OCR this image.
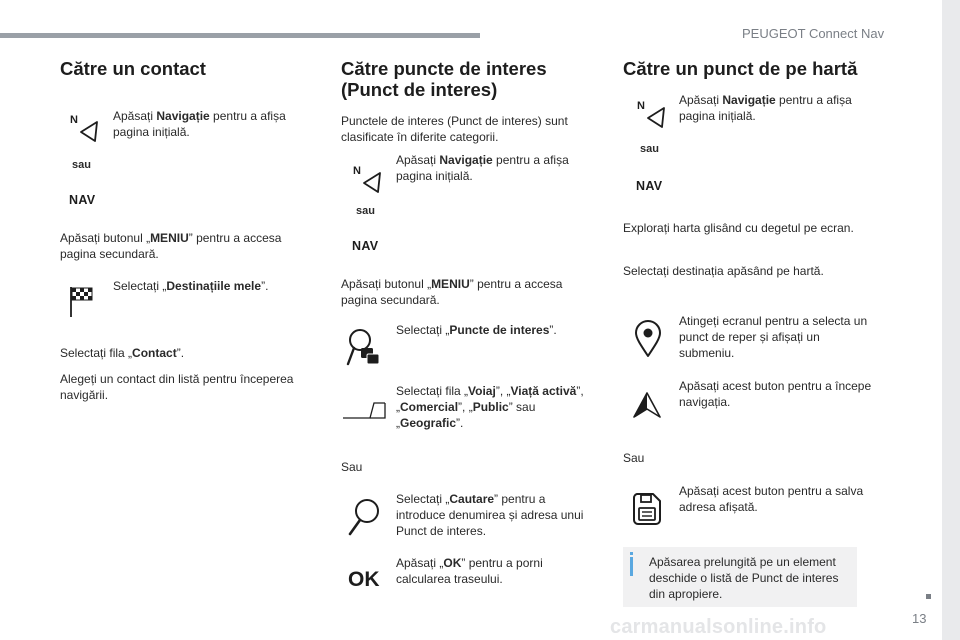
PEUGEOT Connect Nav
13
carmanualsonline.info
Către un contact
N	Apăsați Navigație pentru a afișa pagina inițială.
sau
NAV
Apăsați butonul „MENIU” pentru a accesa pagina secundară.
Selectați „Destinațiile mele”.
Selectați fila „Contact”.
Alegeți un contact din listă pentru începerea navigării.
Către puncte de interes (Punct de interes)
Punctele de interes (Punct de interes) sunt clasificate în diferite categorii.
N
Apăsați Navigație pentru a afișa pagina inițială.
sau
NAV
Apăsați butonul „MENIU” pentru a accesa pagina secundară.
Selectați „Puncte de interes”.
Selectați fila „Voiaj”, „Viață activă”, „Comercial”, „Public” sau „Geografic”.
Sau
Selectați „Cautare” pentru a introduce denumirea și adresa unui Punct de interes.
OK
Apăsați „OK” pentru a porni calcularea traseului.
Către un punct de pe hartă
N	Apăsați Navigație pentru a afișa pagina inițială.
sau
NAV
Explorați harta glisând cu degetul pe ecran.
Selectați destinația apăsând pe hartă.
Atingeți ecranul pentru a selecta un punct de reper și afișați un submeniu.
Apăsați acest buton pentru a începe navigația.
Sau
Apăsați acest buton pentru a salva adresa afișată.
Apăsarea prelungită pe un element deschide o listă de Punct de interes din apropiere.
